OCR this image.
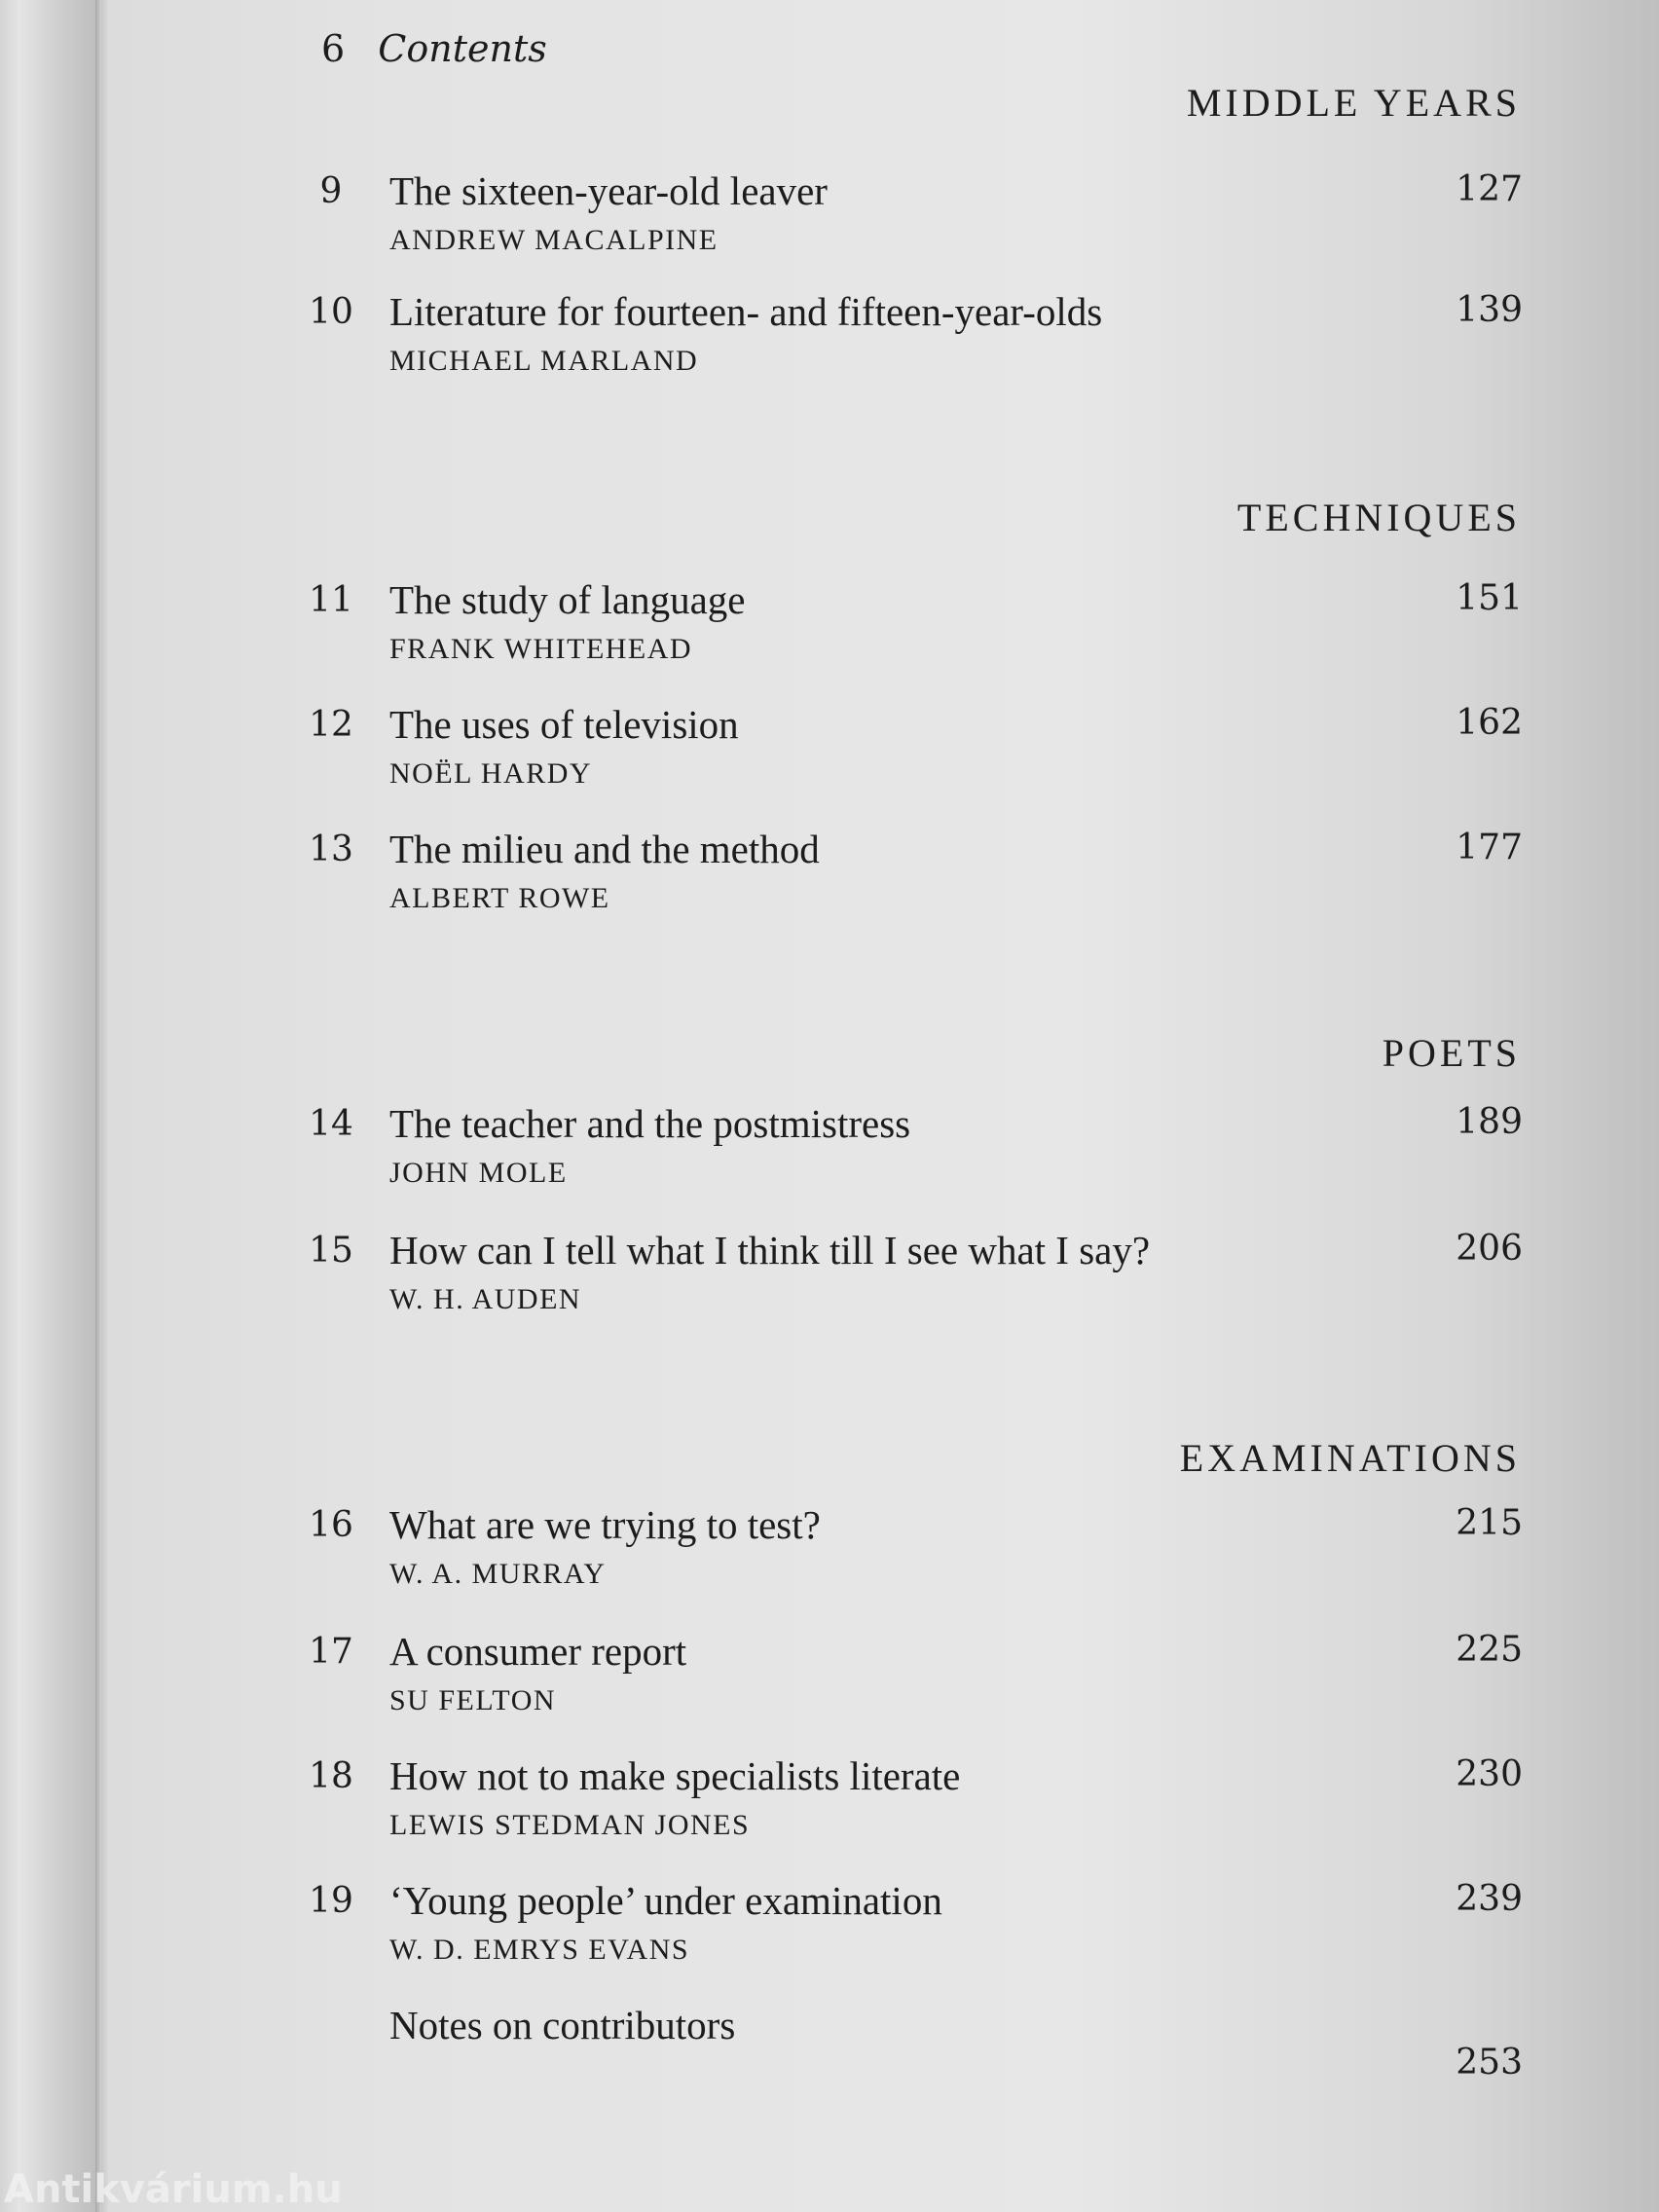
6 Contents
MIDDLE YEARS
9	The sixteen-year-old leaver
ANDREW MACALPINE
127
10 Literature for fourteen- and fifteen-year-olds
MICHAEL MARLAND
139
TECHNIQUES
11 The study of language
FRANK WHITEHEAD
151
12 The uses of television
NOËL HARDY
162
13 The milieu and the method
ALBERT ROWE
177
POETS
14 The teacher and the postmistress
JOHN MOLE
189
15 How can I tell what I think till I see what I say?
W. H. AUDEN
206
EXAMINATIONS
16 What are we trying to test?
W. A. MURRAY
215
17 A consumer report
SU FELTON
225
18 How not to make specialists literate
LEWIS STEDMAN JONES
230
19 ‘Young people’ under examination
W. D. EMRYS EVANS
239
Notes on contributors
253
Antikvárium.hu
